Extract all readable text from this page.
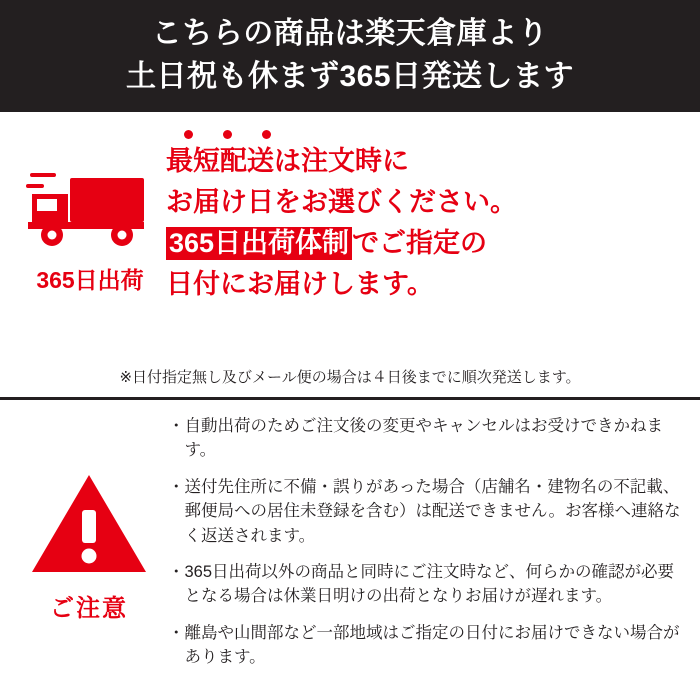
こちらの商品は楽天倉庫より
土日祝も休まず365日発送します
365日出荷
最短配送は注文時に
お届け日をお選びください。
365日出荷体制 でご指定の
日付にお届けします。
※日付指定無し及びメール便の場合は４日後までに順次発送します。
ご注意
・ 自動出荷のためご注文後の変更やキャンセルはお受けできかねます。
・ 送付先住所に不備・誤りがあった場合（店舗名・建物名の不記載、郵便局への居住未登録を含む）は配送できません。お客様へ連絡なく返送されます。
・ 365日出荷以外の商品と同時にご注文時など、何らかの確認が必要となる場合は休業日明けの出荷となりお届けが遅れます。
・ 離島や山間部など一部地域はご指定の日付にお届けできない場合があります。
